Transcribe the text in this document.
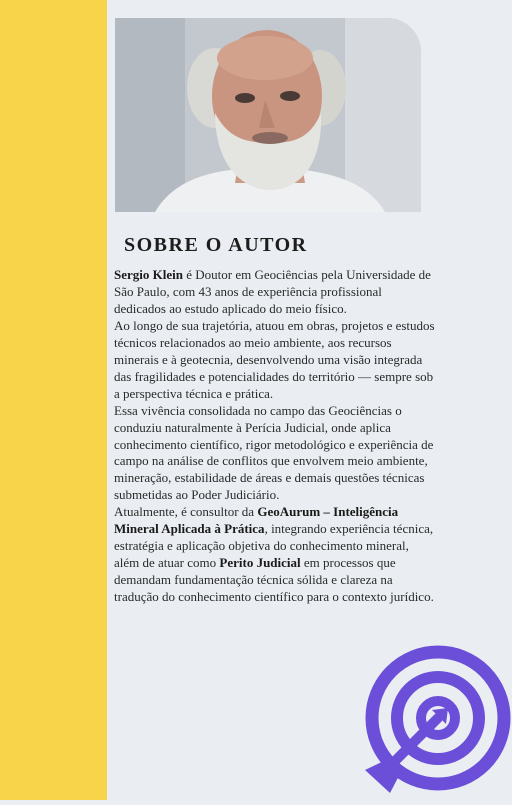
SOBRE O AUTOR

Sergio Klein é Doutor em Geociências pela Universidade de São Paulo, com 43 anos de experiência profissional dedicados ao estudo aplicado do meio físico.

Ao longo de sua trajetória, atuou em obras, projetos e estudos técnicos relacionados ao meio ambiente, aos recursos minerais e à geotecnia, desenvolvendo uma visão integrada das fragilidades e potencialidades do território — sempre sob a perspectiva técnica e prática.

Essa vivência consolidada no campo das Geociências o conduziu naturalmente à Perícia Judicial, onde aplica conhecimento científico, rigor metodológico e experiência de campo na análise de conflitos que envolvem meio ambiente, mineração, estabilidade de áreas e demais questões técnicas submetidas ao Poder Judiciário.

Atualmente, é consultor da GeoAurum – Inteligência Mineral Aplicada à Prática, integrando experiência técnica, estratégia e aplicação objetiva do conhecimento mineral, além de atuar como Perito Judicial em processos que demandam fundamentação técnica sólida e clareza na tradução do conhecimento científico para o contexto jurídico.
